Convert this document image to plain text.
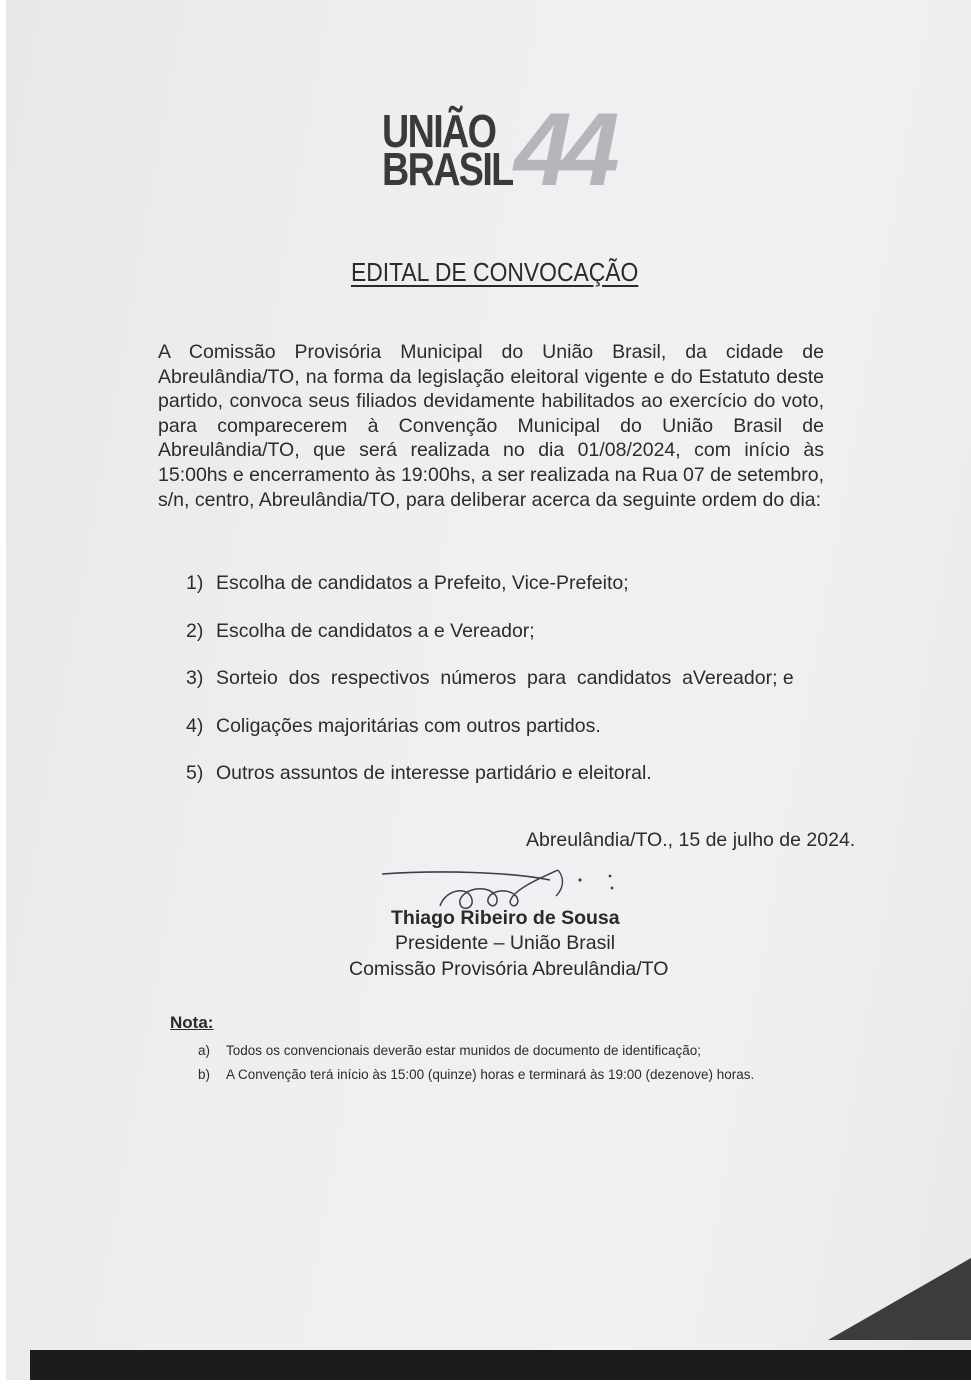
44
UNIÃO
BRASIL
EDITAL DE CONVOCAÇÃO
A Comissão Provisória Municipal do União Brasil, da cidade de Abreulândia/TO, na forma da legislação eleitoral vigente e do Estatuto deste partido, convoca seus filiados devidamente habilitados ao exercício do voto, para comparecerem à Convenção Municipal do União Brasil de Abreulândia/TO, que será realizada no dia 01/08/2024, com início às 15:00hs e encerramento às 19:00hs, a ser realizada na Rua 07 de setembro, s/n, centro, Abreulândia/TO, para deliberar acerca da seguinte ordem do dia:
1) Escolha de candidatos a Prefeito, Vice-Prefeito;
2) Escolha de candidatos a e Vereador;
3) Sorteio  dos  respectivos  números  para  candidatos  aVereador; e
4) Coligações majoritárias com outros partidos.
5) Outros assuntos de interesse partidário e eleitoral.
Abreulândia/TO., 15 de julho de 2024.
Thiago Ribeiro de Sousa
Presidente – União Brasil
Comissão Provisória Abreulândia/TO
Nota:
a) Todos os convencionais deverão estar munidos de documento de identificação;
b) A Convenção terá início às 15:00 (quinze) horas e terminará às 19:00 (dezenove) horas.
